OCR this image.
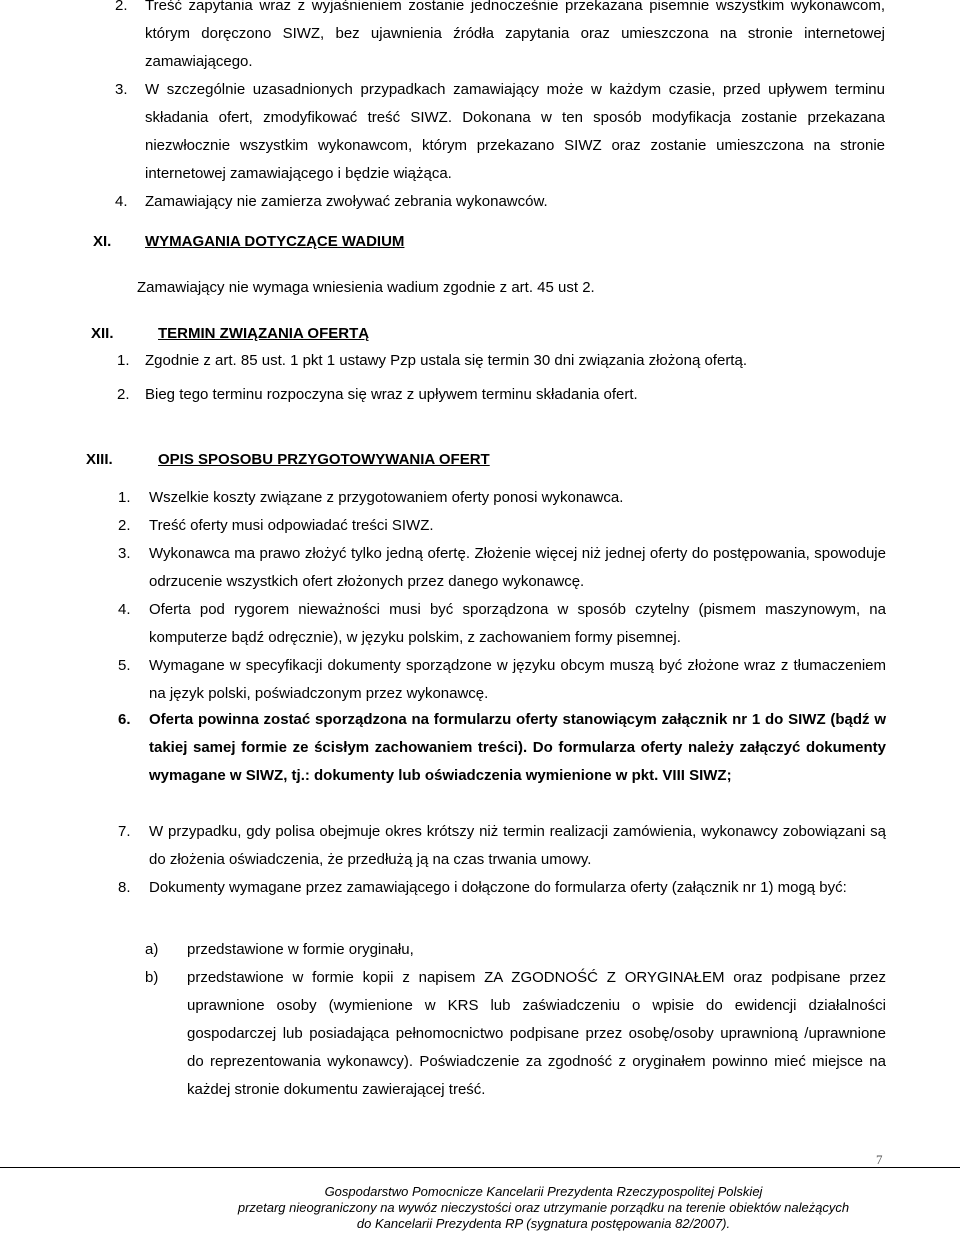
2. Treść zapytania wraz z wyjaśnieniem zostanie jednocześnie przekazana pisemnie wszystkim wykonawcom, którym doręczono SIWZ, bez ujawnienia źródła zapytania oraz umieszczona na stronie internetowej zamawiającego.
3. W szczególnie uzasadnionych przypadkach zamawiający może w każdym czasie, przed upływem terminu składania ofert, zmodyfikować treść SIWZ. Dokonana w ten sposób modyfikacja zostanie przekazana niezwłocznie wszystkim wykonawcom, którym przekazano SIWZ oraz zostanie umieszczona na stronie internetowej zamawiającego i będzie wiążąca.
4. Zamawiający nie zamierza zwoływać zebrania wykonawców.
XI. WYMAGANIA DOTYCZĄCE WADIUM
Zamawiający nie wymaga wniesienia wadium zgodnie z art. 45 ust 2.
XII.	TERMIN ZWIĄZANIA OFERTĄ
1. Zgodnie z art. 85 ust. 1 pkt 1 ustawy Pzp ustala się termin 30 dni związania złożoną ofertą.
2. Bieg tego terminu rozpoczyna się wraz z upływem terminu składania ofert.
XIII.	OPIS SPOSOBU PRZYGOTOWYWANIA OFERT
1. Wszelkie koszty związane z przygotowaniem oferty ponosi wykonawca.
2. Treść oferty musi odpowiadać treści SIWZ.
3. Wykonawca ma prawo złożyć tylko jedną ofertę. Złożenie więcej niż jednej oferty do postępowania, spowoduje odrzucenie wszystkich ofert złożonych przez danego wykonawcę.
4. Oferta pod rygorem nieważności musi być sporządzona w sposób czytelny (pismem maszynowym, na komputerze bądź odręcznie), w języku polskim, z zachowaniem formy pisemnej.
5. Wymagane w specyfikacji dokumenty sporządzone w języku obcym muszą być złożone wraz z tłumaczeniem na język polski, poświadczonym przez wykonawcę.
6. Oferta powinna zostać sporządzona na formularzu oferty stanowiącym załącznik nr 1 do SIWZ (bądź w takiej samej formie ze ścisłym zachowaniem treści). Do formularza oferty należy załączyć dokumenty wymagane w SIWZ, tj.: dokumenty lub oświadczenia wymienione w pkt. VIII SIWZ;
7. W przypadku, gdy polisa obejmuje okres krótszy niż termin realizacji zamówienia, wykonawcy zobowiązani są do złożenia oświadczenia, że przedłużą ją na czas trwania umowy.
8. Dokumenty wymagane przez zamawiającego i dołączone do formularza oferty (załącznik nr 1) mogą być:
a) przedstawione w formie oryginału,
b) przedstawione w formie kopii z napisem ZA ZGODNOŚĆ Z ORYGINAŁEM oraz podpisane przez uprawnione osoby (wymienione w KRS lub zaświadczeniu o wpisie do ewidencji działalności gospodarczej lub posiadająca pełnomocnictwo podpisane przez osobę/osoby uprawnioną /uprawnione do reprezentowania wykonawcy). Poświadczenie za zgodność z oryginałem powinno mieć miejsce na każdej stronie dokumentu zawierającej treść.
7
Gospodarstwo Pomocnicze Kancelarii Prezydenta Rzeczypospolitej Polskiej
przetarg nieograniczony na wywóz nieczystości oraz utrzymanie porządku na terenie obiektów należących
do Kancelarii Prezydenta RP (sygnatura postępowania 82/2007).
